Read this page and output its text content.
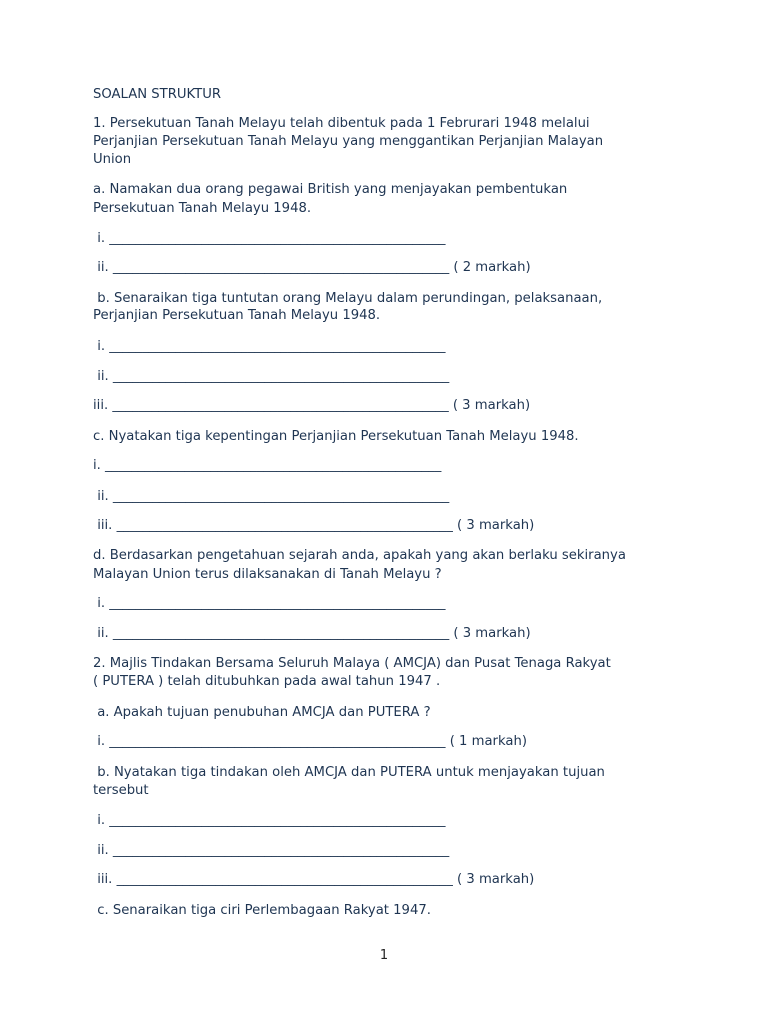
SOALAN STRUKTUR
1. Persekutuan Tanah Melayu telah dibentuk pada 1 Februrari 1948 melalui
Perjanjian Persekutuan Tanah Melayu yang menggantikan Perjanjian Malayan
Union
a. Namakan dua orang pegawai British yang menjayakan pembentukan
Persekutuan Tanah Melayu 1948.
i. ___________________________________________________
ii. ___________________________________________________ ( 2 markah)
b. Senaraikan tiga tuntutan orang Melayu dalam perundingan, pelaksanaan,
Perjanjian Persekutuan Tanah Melayu 1948.
i. ___________________________________________________
ii. ___________________________________________________
iii. ___________________________________________________ ( 3 markah)
c. Nyatakan tiga kepentingan Perjanjian Persekutuan Tanah Melayu 1948.
i. ___________________________________________________
ii. ___________________________________________________
iii. ___________________________________________________ ( 3 markah)
d. Berdasarkan pengetahuan sejarah anda, apakah yang akan berlaku sekiranya
Malayan Union terus dilaksanakan di Tanah Melayu ?
i. ___________________________________________________
ii. ___________________________________________________ ( 3 markah)
2. Majlis Tindakan Bersama Seluruh Malaya ( AMCJA) dan Pusat Tenaga Rakyat
( PUTERA ) telah ditubuhkan pada awal tahun 1947 .
a. Apakah tujuan penubuhan AMCJA dan PUTERA ?
i. ___________________________________________________ ( 1 markah)
b. Nyatakan tiga tindakan oleh AMCJA dan PUTERA untuk menjayakan tujuan
tersebut
i. ___________________________________________________
ii. ___________________________________________________
iii. ___________________________________________________ ( 3 markah)
c. Senaraikan tiga ciri Perlembagaan Rakyat 1947.
1
